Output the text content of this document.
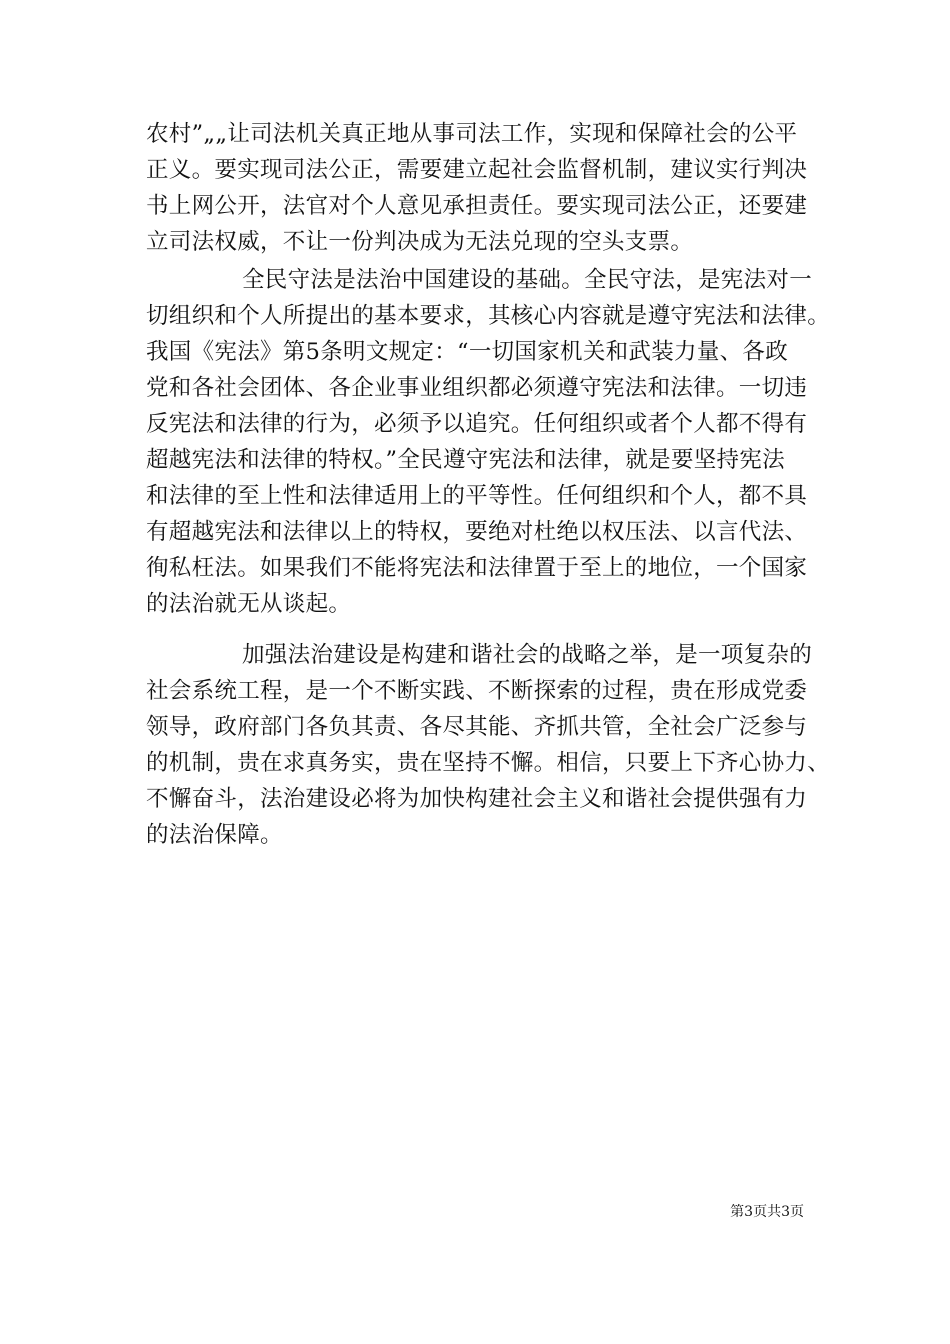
农村”„„让司法机关真正地从事司法工作，实现和保障社会的公平
正义。要实现司法公正，需要建立起社会监督机制，建议实行判决
书上网公开，法官对个人意见承担责任。要实现司法公正，还要建
立司法权威，不让一份判决成为无法兑现的空头支票。
全民守法是法治中国建设的基础。全民守法，是宪法对一
切组织和个人所提出的基本要求，其核心内容就是遵守宪法和法律。
我国《宪法》第5条明文规定：“一切国家机关和武装力量、各政
党和各社会团体、各企业事业组织都必须遵守宪法和法律。一切违
反宪法和法律的行为，必须予以追究。任何组织或者个人都不得有
超越宪法和法律的特权。”全民遵守宪法和法律，就是要坚持宪法
和法律的至上性和法律适用上的平等性。任何组织和个人，都不具
有超越宪法和法律以上的特权，要绝对杜绝以权压法、以言代法、
徇私枉法。如果我们不能将宪法和法律置于至上的地位，一个国家
的法治就无从谈起。
加强法治建设是构建和谐社会的战略之举，是一项复杂的
社会系统工程，是一个不断实践、不断探索的过程，贵在形成党委
领导，政府部门各负其责、各尽其能、齐抓共管，全社会广泛参与
的机制，贵在求真务实，贵在坚持不懈。相信，只要上下齐心协力、
不懈奋斗，法治建设必将为加快构建社会主义和谐社会提供强有力
的法治保障。
第3页共3页
